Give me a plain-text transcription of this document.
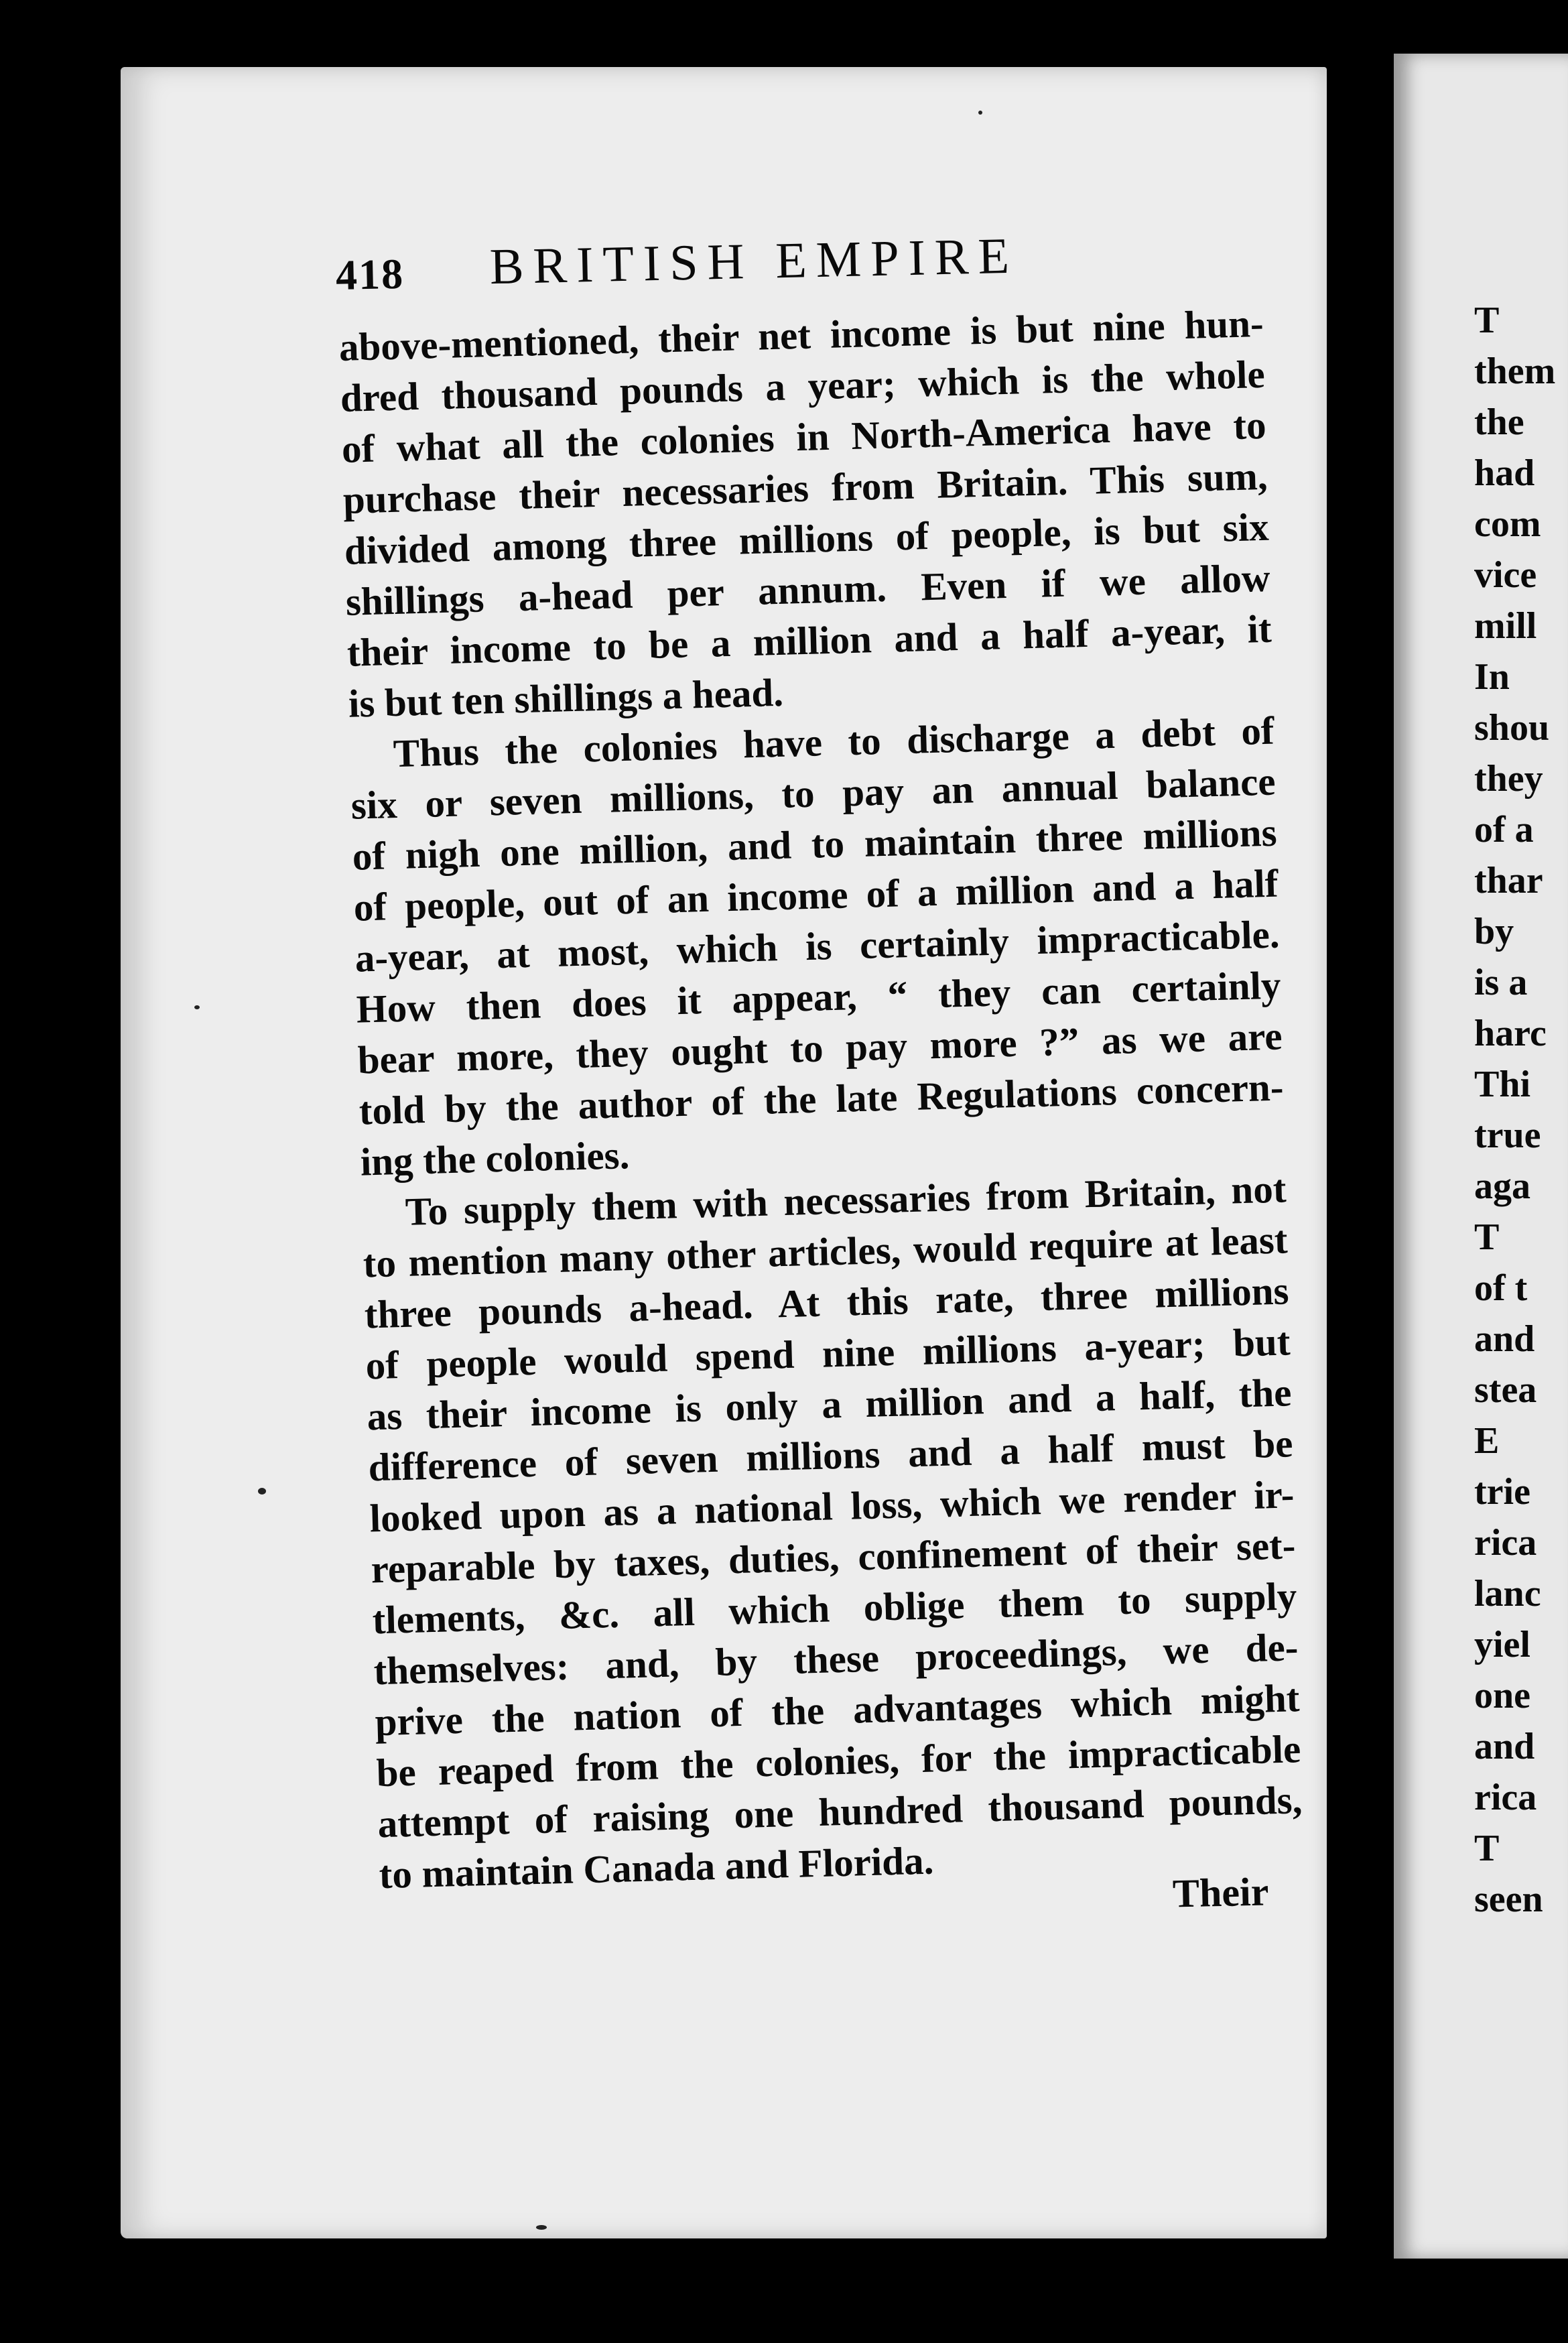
418 BRITISH EMPIRE
above-mentioned, their net income is but nine hun-
dred thousand pounds a year; which is the whole
of what all the colonies in North-America have to
purchase their necessaries from Britain. This sum,
divided among three millions of people, is but six
shillings a-head per annum. Even if we allow
their income to be a million and a half a-year, it
is but ten shillings a head.
Thus the colonies have to discharge a debt of
six or seven millions, to pay an annual balance
of nigh one million, and to maintain three millions
of people, out of an income of a million and a half
a-year, at most, which is certainly impracticable.
How then does it appear, “ they can certainly
bear more, they ought to pay more ?” as we are
told by the author of the late Regulations concern-
ing the colonies.
To supply them with necessaries from Britain, not
to mention many other articles, would require at least
three pounds a-head. At this rate, three millions
of people would spend nine millions a-year; but
as their income is only a million and a half, the
difference of seven millions and a half must be
looked upon as a national loss, which we render ir-
reparable by taxes, duties, confinement of their set-
tlements, &c. all which oblige them to supply
themselves: and, by these proceedings, we de-
prive the nation of the advantages which might
be reaped from the colonies, for the impracticable
attempt of raising one hundred thousand pounds,
to maintain Canada and Florida.	Their
T
them
the
had
com
vice
mill
In
shou
they
of a
thar
by
is a
harc
Thi
true
aga
T
of t
and
stea
E
trie
rica
lanc
yiel
one
and
rica
T
seen
